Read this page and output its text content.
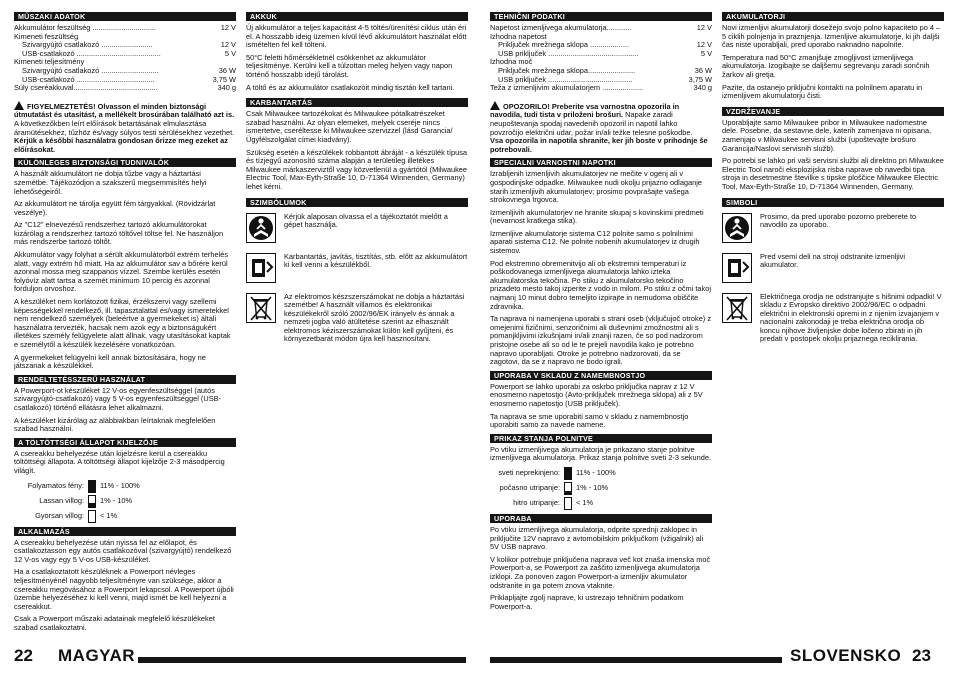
MŰSZAKI ADATOK
Akkumulátor feszültség ...............................	12 V
Kimeneti feszültség
Szivargyújtó csatlakozó .........................	12 V
USB-csatlakozó .........................................	5 V
Kimeneti teljesítmény
Szivargyújtó csatlakozó ............................	36 W
USB-csatlakozó ......................................	3,75 W
Súly cseréakkuval.........................................	340 g
FIGYELMEZTETÉS! Olvasson el minden biztonsági útmutatást és utasítást, a mellékelt brosúrában található azt is. A következőkben leírt előírások betartásának elmulasztása áramütésekhez, tűzhöz és/vagy súlyos testi sérülésekhez vezethet.
Kérjük a későbbi használatra gondosan őrizze meg ezeket az előírásokat.
KÜLÖNLEGES BIZTONSÁGI TUDNIVALÓK

A használt akkumulátort ne dobja tűzbe vagy a háztartási szemétbe. Tájékozódjon a szakszerű megsemmisítés helyi lehetőségeiről.

Az akkumulátort ne tárolja együtt fém tárgyakkal. (Rövidzárlat veszélye).

Az "C12" elnevezésű rendszerhez tartozó akkumulátorokat kizárólag a rendszerhez tartozó töltővel töltse fel. Ne használjon más rendszerbe tartozó töltőt.

Akkumulátor vagy folyhat a sérült akkumulátorból extrém terhelés alatt, vagy extrém hő miatt. Ha az akkumulátor sav a bőrére kerül azonnal mossa meg szappanos vízzel. Szembe kerülés esetén folyóvíz alatt tartsa a szemét minimum 10 percig és azonnal forduljon orvoshoz.

A készüléket nem korlátozott fizikai, érzékszervi vagy szellemi képességekkel rendelkező, ill. tapasztalattal és/vagy ismeretekkel nem rendelkező személyek (beleértve a gyermekeket is) általi használatra tervezték, hacsak nem azok egy a biztonságukért illetékes személy felügyelete alatt állnak, vagy utasításokat kaptak e személytől a készülék kezelésére vonatkozóan.

A gyermekeket felügyelni kell annak biztosítására, hogy ne játszanak a készülékkel.

RENDELTETÉSSZERŰ HASZNÁLAT

A Powerport-ot készüléket 12 V-os egyenfeszültséggel (autós szivargyújtó-csatlakozó) vagy 5 V-os egyenfeszültséggel (USB-csatlakozó) történő ellátásra lehet alkalmazni.

A készüléket kizárólag az alábbiakban leírtaknak megfelelően szabad használni.

A TÖLTÖTTSÉGI ÁLLAPOT KIJELZŐJE

A csereakku behelyezése után kijelzésre kerül a csereakku töltöttségi állapota. A töltöttségi állapot kijelzője 2-3 másodpercig világít.

Folyamatos fény: 11% - 100%
Lassan villog: 1% - 10%
Gyorsan villog: < 1%
ALKALMAZÁS

A csereakku behelyezése után nyissa fel az előlapot, és csatlakoztasson egy autós csatlakozóval (szivargyújtó) rendelkező 12 V-os vagy egy 5 V-os USB-készüléket.

Ha a csatlakoztatott készüléknek a Powerport névleges teljesítményénél nagyobb teljesítményre van szüksége, akkor a csereakku megövásához a Powerport lekapcsol. A Powerport újbóli üzembe helyezéséhez ki kell venni, majd ismét be kell helyezni a csereakkut.

Csak a Powerport műszaki adatainak megfelelő készülékeket szabad csatlakoztatni.

AKKUK

Új akkumulátor a teljes kapacitást 4-5 töltés/ürenítési ciklus után éri el. A hosszabb ideig üzemen kívül lévő akkumulátort használat előtt ismételten fel kell tölteni.

50°C feletti hőmérsékletnél csökkenhet az akkumulátor teljesítménye. Kerülni kell a túlzottan meleg helyen vagy napon történő hosszabb idejű tárolást.

A töltő és az akkumulátor csatlakozóit mindig tisztán kell tartani.

KARBANTARTÁS

Csak Milwaukee tartozékokat és Milwaukee pótalkatrészeket szabad használni. Az olyan elemeket, melyek cseréje nincs ismertetve, cseréltesse ki Milwaukee szervizzel (lásd Garancia/Ügyfélszolgálat címei kiadvány).

Szükség esetén a készülékek robbantott ábráját - a készülék típusa és tízjegyű azonosító száma alapján a területileg illetékes Milwaukee márkaszerviztől vagy közvetlenül a gyártótól (Milwaukee Electric Tool, Max-Eyth-Straße 10, D-71364 Winnenden, Germany) lehet kérni.

SZIMBÓLUMOK
Kérjük alaposan olvassa el a tájékoztatót mielőtt a gépet használja.
Karbantartás, javítás, tisztítás, stb. előtt az akkumulátort ki kell venni a készülékből.
Az elektromos készszerszámokat ne dobja a háztartási szemétbe! A használt villamos és elektronikai készülékekről szóló 2002/96/EK irányelv és annak a nemzeti jogba való átültetése szerint az elhasznált elektromos kéziszerszámokat külön kell gyűjteni, és környezetbarát módon újra kell hasznosítani.
TEHNIČNI PODATKI
Napetost izmenljivega akumulatorja............	12 V
Izhodna napetost
Priključek mrežnega sklopa ...................	12 V
USB priključek ............................................	5 V
Izhodna moč
Priključek mrežnega sklopa.......................	36 W
USB priključek .........................................	3,75 W
Teža z izmenljivim akumulatorjem ....................	340 g
OPOZORILO! Preberite vsa varnostna opozorila in navodila, tudi tista v priloženi brošuri. Napake zaradi neupoštevanja spodaj navedenih opozoril in napotil lahko povzročijo električni udar, požar in/ali težke telesne poškodbe.
Vsa opozorila in napotila shranite, ker jih boste v prihodnje še potrebovali.
SPECIALNI VARNOSTNI NAPOTKI

Izrabljenih izmenljivih akumulatorjev ne mečite v ogenj ali v gospodinjske odpadke. Milwaukee nudi okolju prijazno odlaganje starih izmenljivih akumulatorjev; prosimo povprašajte vašega strokovnega trgovca.

Izmenljivih akumulatorjev ne hranite skupaj s kovinskimi predmeti (nevarnost kratkega stika).

Izmenljive akumulatorje sistema C12 polnite samo s polnilnimi aparati sistema C12. Ne polnite nobenih akumulatorjev iz drugih sistemov.

Pod ekstremno obremenitvijo ali ob ekstremni temperaturi iz poškodovanega izmenljivega akumulatorja lahko izteka akumulatorska tekočina. Po stiku z akumulatorsko tekočino prizadeto mesto takoj izperite z vodo in milom. Po stiku z očmi takoj najmanj 10 minut dobro temeljito izpirajte in nemudoma obiščite zdravnika.

Ta naprava ni namenjena uporabi s strani oseb (vključujoč otroke) z omejenimi fizičnimi, senzoričnimi ali duševnimi zmožnostmi ali s pomanjkljivimi izkušnjami in/ali znanji razen, če so pod nadzorom pristojne osebe ali so od le te prejeli navodila kako je potrebno napravo uporabljati. Otroke je potrebno nadzorovati, da se zagotovi, da se z napravo ne bodo igrali.

UPORABA V SKLADU Z NAMEMBNOSTJO

Powerport se lahko uporabi za oskrbo priključka naprav z 12 V enosmerno napetostjo (Avto-priključek mrežnega sklopa) ali z 5V enosmerno napetostjo (USB priključek).

Ta naprava se sme uporabiti samo v skladu z namembnostjo uporabiti samo za navede namene.

PRIKAZ STANJA POLNITVE

Po vtiku izmenljivega akumulatorja je prikazano stanje polnitve izmenljivega akumulatorja. Prikaz stanja polnitve sveti 2-3 sekunde.

sveti neprekinjeno: 11% - 100%
počasno utripanje: 1% - 10%
hitro utripanje: < 1%
UPORABA

Po vtiku izmenljivega akumulatorja, odprite sprednji zaklopec in priključite 12V napravo z avtomobilskim priključkom (vžigalnik) ali 5V USB napravo.

V kolikor potrebuje priključena naprava več kot znaša imenska moč Powerport-a, se Powerport za zaščito izmenljivega akumulatorja izklopi. Za ponoven zagon Powerport-a izmenljiv akumulator odstranite in ga potem znova vtaknite.

Priklapljajte zgolj naprave, ki ustrezajo tehničnim podatkom Powerport-a.

AKUMULATORJI

Novi izmenljivi akumulatorji dosežejo svojo polno kapaciteto po 4 – 5 ciklih polnjenja in praznjenja. Izmenljive akumulatorje, ki jih daljši čas niste uporabljali, pred uporabo naknadno napolnite.

Temperatura nad 50°C zmanjšuje zmogljivost izmenljivega akumulatorja. Izogibajte se daljšemu segrevanju zaradi sončnih žarkov ali gretja.

Pazite, da ostanejo priključni kontakti na polnilnem aparatu in izmenljivem akumulatorju čisti.

VZDRŽEVANJE

Uporabljajte samo Milwaukee pribor in Milwaukee nadomestne dele. Posebne, da sestavne dele, katerih zamenjava ni opisana, zamenjajo v Milwaukee servisni službi (upoštevajte brošuro Garancija/Naslovi servisnih služb).

Po potrebi se lahko pri vaši servisni službi ali direktno pri Milwaukee Electric Tool naroči eksplozijska risba naprave ob navedbi tipa stroja in desetmestne številke s tipske ploščice Milwaukee Electric Tool, Max-Eyth-Straße 10, D-71364 Winnenden, Germany.

SIMBOLI
Prosimo, da pred uporabo pozorno preberete to navodilo za uporabo.
Pred vsemi deli na stroji odstranite izmenljivi akumulator.
Električnega orodja ne odstranjujte s hišnimi odpadki! V skladu z Evropsko direktivo 2002/96/EC o odpadni električni in elektronski opremi in z njenim izvajanjem v nacionalni zakonodaji je treba električna orodja ob koncu njihove življenjske dobe ločeno zbirati in jih predati v postopek okolju prijaznega reciklirania.
22 MAGYAR	SLOVENSKO 23
